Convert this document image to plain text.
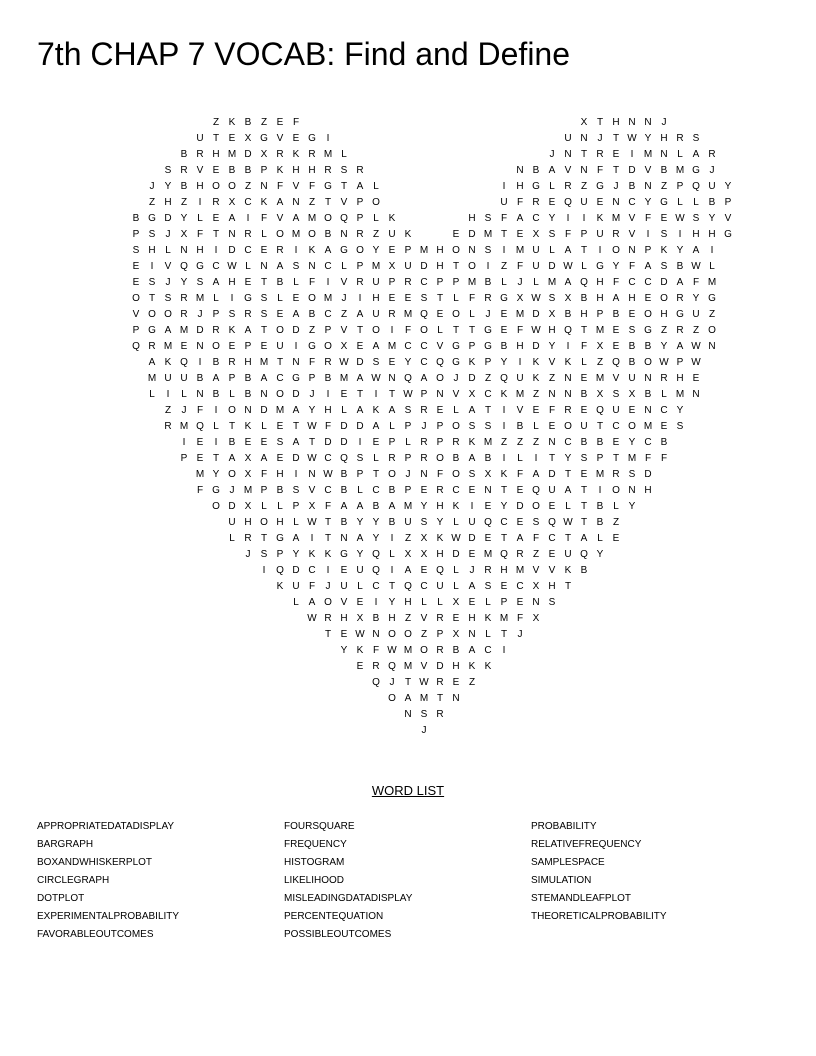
7th CHAP 7 VOCAB: Find and Define
Z K B Z E F	X T H N N J
U T E X G V E G	I	U N J	T W Y H R S
B R H M D X R K R M L	J N T R E	I	M N L A R
S R V E B B P K H H R S R	N B A V N F T D V B M G J
J	Y B H O O Z N F V F G T A L	I	H G L R Z G J	B N Z P Q U Y
Z H Z	I	R X C K A N Z T V P O	U F R E Q U E N C Y G L	L B P
B G D Y L E A	I	F V A M O Q P L K	H S F A C Y	I	I	K M V F E W S Y V
P S	J	X F T N R L O M O B N R Z U K	E D M T E X S F P U R V	I	S	I	H H G
S H L N H	I	D C E R	I	K A G O Y E P M H O N S	I	M U L A T	I	O N P K Y A	I
E	I	V Q G C W L N A S N C L P M X U D H T O	I	Z F U D W L G Y F A S B W L
E S	J	Y S A H E T B L	F	I	V R U P R C P P M B L	J	L M A Q H F C C D A F M
O T S R M L	I	G S L E O M J	I	H E E S T	L	F R G X W S X B H A H E O R Y G
V O O R J	P S R S E A B C Z A U R M Q E O L	J	E M D X B H P B E O H G U Z
P G A M D R K A T O D Z P V T O	I	F O L	T T G E F W H Q T M E S G Z R Z O
Q R M E N O E P E U	I	G O X E A M C C V G P G B H D Y	I	F X E B B Y A W N
A K Q	I	B R H M T N F R W D S E Y C Q G K P Y	I	K V K L	Z Q B O W P W
M U U B A P B A C G P B M A W N Q A O J D Z Q U K Z N E M V U N R H E
L	I	L N B L B N O D J	I	E T	I	T W P N V X C K M Z N N B X S X B L M N
Z	J	F	I	O N D M A Y H L A K A S R E L A T	I	V E F R E Q U E N C Y
R M Q L	T K L E T W F D D A L P	J	P O S S	I	B L E O U T C O M E S
I	E	I	B E E S A T D D	I	E P L R P R K M Z Z Z N C B B E Y C B
P E T A X A E D W C Q S L R P R O B A B	I	L	I	T Y S P T M F F
M Y O X F H	I	N W B P T O J N F O S X K F A D T E M R S D
F G J M P B S V C B L C B P E R C E N T E Q U A T	I	O N H
O D X L	L P X F A A B A M Y H K	I	E Y D O E L	T B L Y
U H O H L W T B Y Y B U S Y L U Q C E S Q W T B Z
L R T G A	I	T N A Y	I	Z X K W D E T A F C T A L E
J	S P Y K K G Y Q L X X H D E M Q R Z E U Q Y
I	Q D C	I	E U Q	I	A E Q L	J R H M V V K B
K U F	J U L C T Q C U L A S E C X H T
L A O V E	I	Y H L	L X E L P E N S
W R H X B H Z V R E H K M F X
T E W N O O Z P X N L	T	J
Y K F W M O R B A C	I
E R Q M V D H K K
Q J	T W R E Z
O A M T N
N S R
J
WORD LIST
APPROPRIATEDATADISPLAY
BARGRAPH
BOXANDWHISKERPLOT
CIRCLEGRAPH
DOTPLOT
EXPERIMENTALPROBABILITY
FAVORABLEOUTCOMES
FOURSQUARE
FREQUENCY
HISTOGRAM
LIKELIHOOD
MISLEADINGDATADISPLAY
PERCENTEQUATION
POSSIBLEOUTCOMES
PROBABILITY
RELATIVEFREQUENCY
SAMPLESPACE
SIMULATION
STEMANDLEAFPLOT
THEORETICALPROBABILITY
